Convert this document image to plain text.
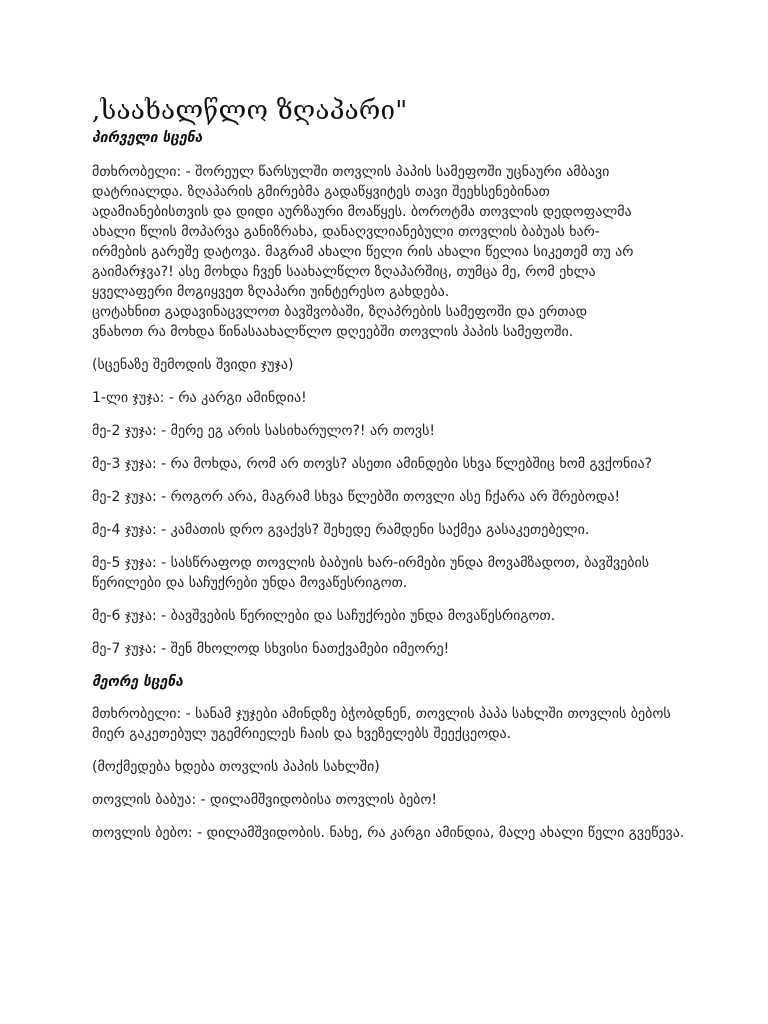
,საახალწლო ზღაპარი"
პირველი სცენა

მთხრობელი: - შორეულ წარსულში თოვლის პაპის სამეფოში უცნაური ამბავი
დატრიალდა. ზღაპარის გმირებმა გადაწყვიტეს თავი შეეხსენებინათ
ადამიანებისთვის და დიდი აურზაური მოაწყეს. ბოროტმა თოვლის დედოფალმა
ახალი წლის მოპარვა განიზრახა, დანაღვლიანებული თოვლის ბაბუას ხარ-
ირმების გარეშე დატოვა. მაგრამ ახალი წელი რის ახალი წელია სიკეთემ თუ არ
გაიმარჯვა?! ასე მოხდა ჩვენ საახალწლო ზღაპარშიც, თუმცა მე, რომ ეხლა
ყველაფერი მოგიყვეთ ზღაპარი უინტერესო გახდება.
ცოტახნით გადავინაცვლოთ ბავშვობაში, ზღაპრების სამეფოში და ერთად
ვნახოთ რა მოხდა წინასაახალწლო დღეებში თოვლის პაპის სამეფოში.

(სცენაზე შემოდის შვიდი ჯუჯა)

1-ლი ჯუჯა: - რა კარგი ამინდია!

მე-2 ჯუჯა: - მერე ეგ არის სასიხარულო?! არ თოვს!

მე-3 ჯუჯა: - რა მოხდა, რომ არ თოვს? ასეთი ამინდები სხვა წლებშიც ხომ გვქონია?

მე-2 ჯუჯა: - როგორ არა, მაგრამ სხვა წლებში თოვლი ასე ჩქარა არ შრებოდა!

მე-4 ჯუჯა: - კამათის დრო გვაქვს? შეხედე რამდენი საქმეა გასაკეთებელი.

მე-5 ჯუჯა: - სასწრაფოდ თოვლის ბაბუის ხარ-ირმები უნდა მოვამზადოთ, ბავშვების წერილები და საჩუქრები უნდა მოვაწესრიგოთ.

მე-6 ჯუჯა: - ბავშვების წერილები და საჩუქრები უნდა მოვაწესრიგოთ.

მე-7 ჯუჯა: - შენ მხოლოდ სხვისი ნათქვამები იმეორე!

მეორე სცენა

მთხრობელი: - სანამ ჯუჯები ამინდზე ბჭობდნენ, თოვლის პაპა სახლში თოვლის ბებოს მიერ გაკეთებულ უგემრიელეს ჩაის და ხვეზელებს შეექცეოდა.

(მოქმედება ხდება თოვლის პაპის სახლში)

თოვლის ბაბუა: - დილამშვიდობისა თოვლის ბებო!

თოვლის ბებო: - დილამშვიდობის. ნახე, რა კარგი ამინდია, მალე ახალი წელი გვეწევა.
